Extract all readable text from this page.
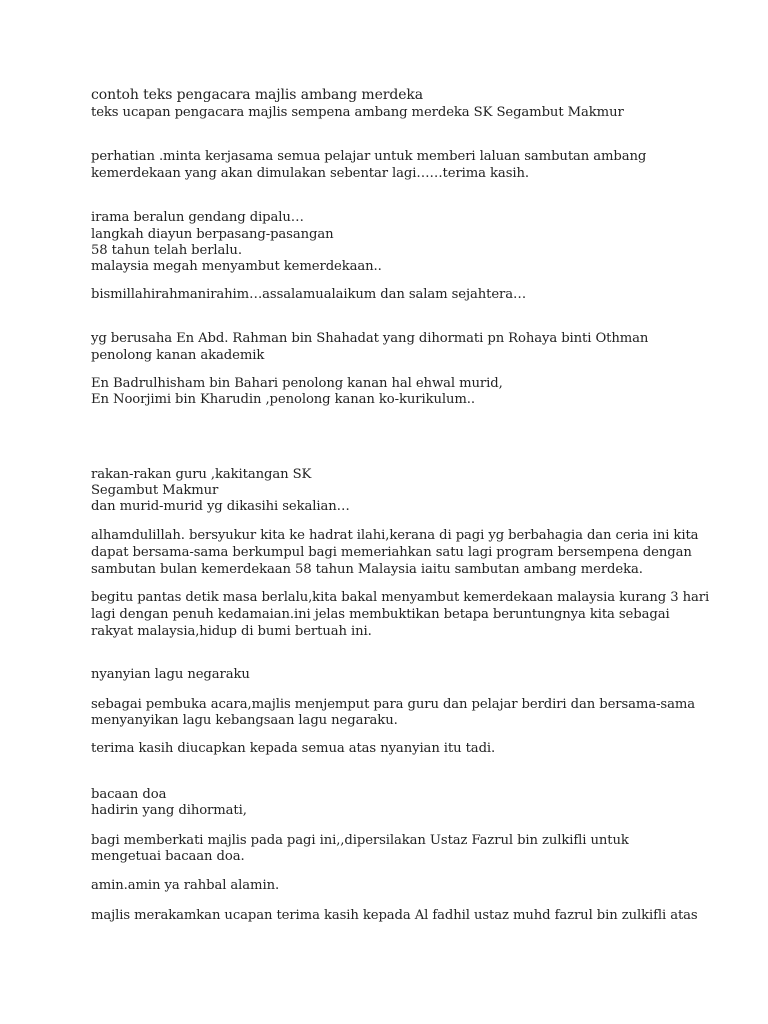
contoh teks pengacara majlis ambang merdeka
teks ucapan pengacara majlis sempena ambang merdeka SK Segambut Makmur
perhatian .minta kerjasama semua pelajar untuk memberi laluan sambutan ambang
kemerdekaan yang akan dimulakan sebentar lagi……terima kasih.
irama beralun gendang dipalu…
langkah diayun berpasang-pasangan
58 tahun telah berlalu.
malaysia megah menyambut kemerdekaan..
bismillahirahmanirahim…assalamualaikum dan salam sejahtera…
yg berusaha En Abd. Rahman bin Shahadat yang dihormati pn Rohaya binti Othman
penolong kanan akademik
En Badrulhisham bin Bahari penolong kanan hal ehwal murid,
En Noorjimi bin Kharudin ,penolong kanan ko-kurikulum..
rakan-rakan guru ,kakitangan SK
Segambut Makmur
dan murid-murid yg dikasihi sekalian…
alhamdulillah. bersyukur kita ke hadrat ilahi,kerana di pagi yg berbahagia dan ceria ini kita
dapat bersama-sama berkumpul bagi memeriahkan satu lagi program bersempena dengan
sambutan bulan kemerdekaan 58 tahun Malaysia iaitu sambutan ambang merdeka.
begitu pantas detik masa berlalu,kita bakal menyambut kemerdekaan malaysia kurang 3 hari
lagi dengan penuh kedamaian.ini jelas membuktikan betapa beruntungnya kita sebagai
rakyat malaysia,hidup di bumi bertuah ini.
nyanyian lagu negaraku
sebagai pembuka acara,majlis menjemput para guru dan pelajar berdiri dan bersama-sama
menyanyikan lagu kebangsaan lagu negaraku.
terima kasih diucapkan kepada semua atas nyanyian itu tadi.
bacaan doa
hadirin yang dihormati,
bagi memberkati majlis pada pagi ini,,dipersilakan Ustaz Fazrul bin zulkifli untuk
mengetuai bacaan doa.
amin.amin ya rahbal alamin.
majlis merakamkan ucapan terima kasih kepada Al fadhil ustaz muhd fazrul bin zulkifli atas
